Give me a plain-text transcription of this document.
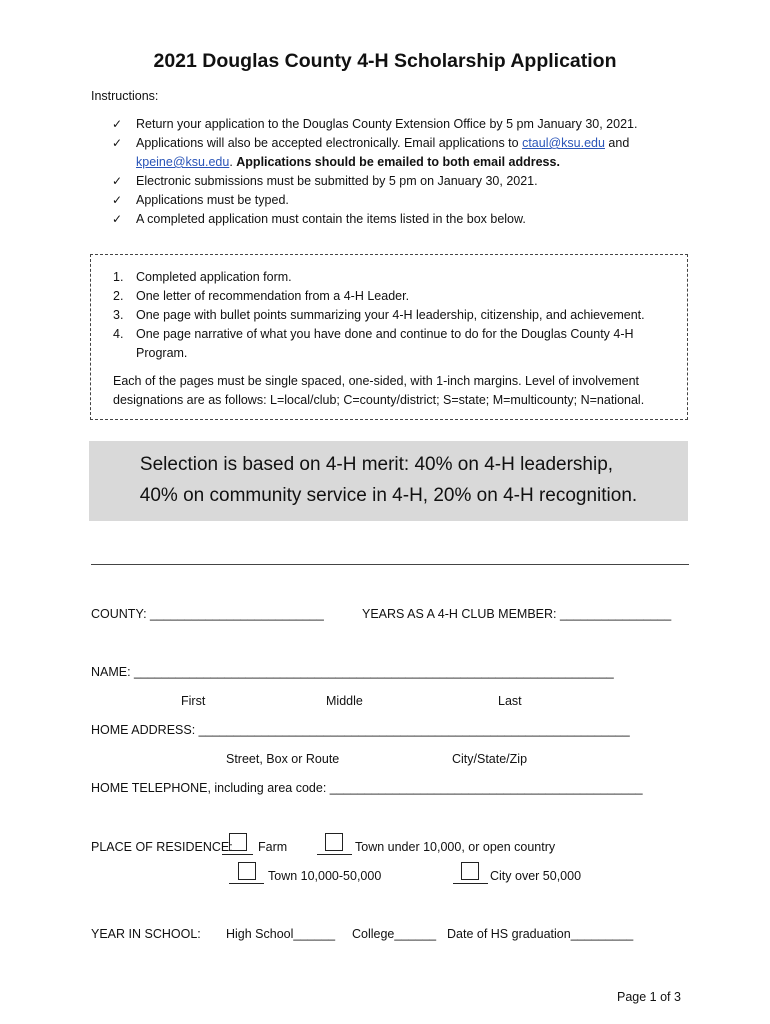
2021 Douglas County 4-H Scholarship Application
Instructions:
✓ Return your application to the Douglas County Extension Office by 5 pm January 30, 2021.
✓ Applications will also be accepted electronically. Email applications to ctaul@ksu.edu and
kpeine@ksu.edu. Applications should be emailed to both email address.
✓ Electronic submissions must be submitted by 5 pm on January 30, 2021.
✓ Applications must be typed.
✓ A completed application must contain the items listed in the box below.
1. Completed application form.
2. One letter of recommendation from a 4-H Leader.
3. One page with bullet points summarizing your 4-H leadership, citizenship, and achievement.
4. One page narrative of what you have done and continue to do for the Douglas County 4-H
Program.
Each of the pages must be single spaced, one-sided, with 1-inch margins. Level of involvement
designations are as follows: L=local/club; C=county/district; S=state; M=multicounty; N=national.
Selection is based on 4-H merit: 40% on 4-H leadership,
40% on community service in 4-H, 20% on 4-H recognition.
COUNTY: _________________________	YEARS AS A 4-H CLUB MEMBER: ________________
NAME: _____________________________________________________________________
First	Middle	Last
HOME ADDRESS: ______________________________________________________________
Street, Box or Route	City/State/Zip
HOME TELEPHONE, including area code: _____________________________________________
PLACE OF RESIDENCE: Farm	Town under 10,000, or open country
Town 10,000-50,000	City over 50,000
YEAR IN SCHOOL: High School______ College______ Date of HS graduation_________
Page 1 of 3
